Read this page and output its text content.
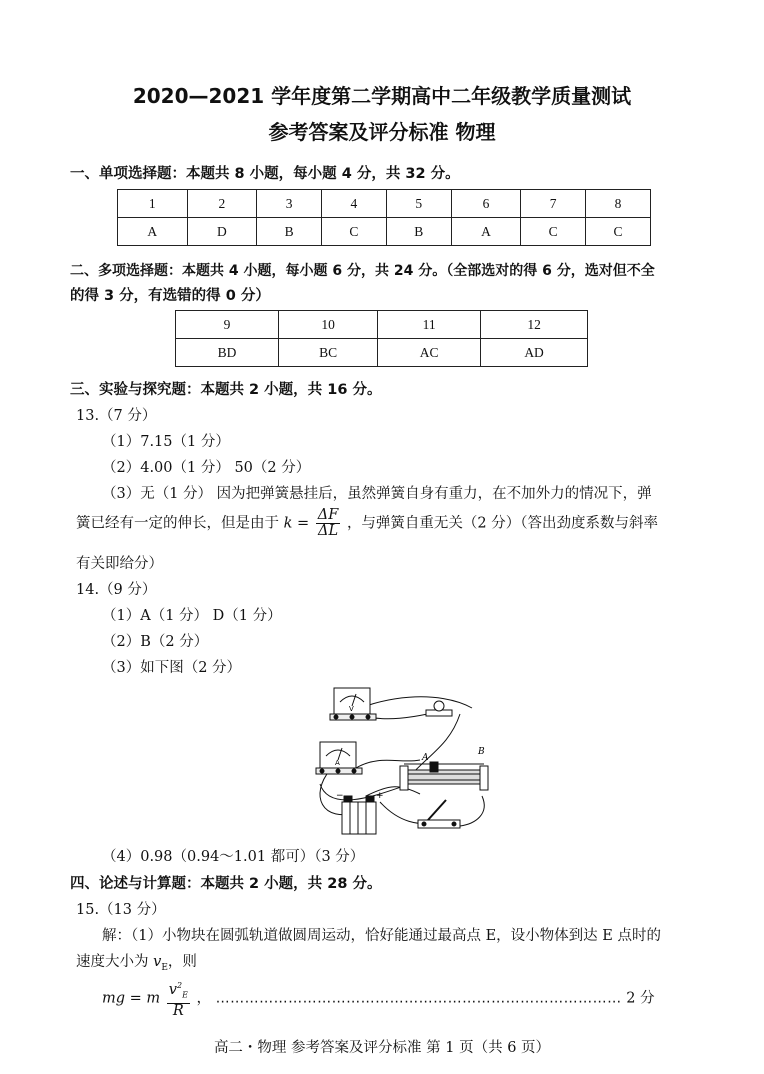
2020—2021 学年度第二学期高中二年级教学质量测试
参考答案及评分标准 物理
一、单项选择题：本题共 8 小题，每小题 4 分，共 32 分。
1	2	3	4	5	6	7	8
A	D	B	C	B	A	C	C
二、多项选择题：本题共 4 小题，每小题 6 分，共 24 分。（全部选对的得 6 分，选对但不全
的得 3 分，有选错的得 0 分）
9	10	11	12
BD	BC	AC	AD
三、实验与探究题：本题共 2 小题，共 16 分。
13.（7 分）
（1）7.15（1 分）
（2）4.00（1 分） 50（2 分）
（3）无（1 分） 因为把弹簧悬挂后，虽然弹簧自身有重力，在不加外力的情况下，弹
簧已经有一定的伸长，但是由于 $k = \frac{\Delta F}{\Delta L}$ ，与弹簧自重无关（2 分）（答出劲度系数与斜率
有关即给分）
14.（9 分）
（1）A（1 分） D（1 分）
（2）B（2 分）
（3）如下图（2 分）
V
A	A
B
−	+
（4）0.98（0.94～1.01 都可）（3 分）
四、论述与计算题：本题共 2 小题，共 28 分。
15.（13 分）
解：（1）小物块在圆弧轨道做圆周运动，恰好能通过最高点 E，设小物体到达 E 点时的
速度大小为 $v_E$，则
mg = m $\frac{v^2_E}{R}$ ， ………………………………………………………………………… 2 分
高二・物理 参考答案及评分标准 第 1 页（共 6 页）
